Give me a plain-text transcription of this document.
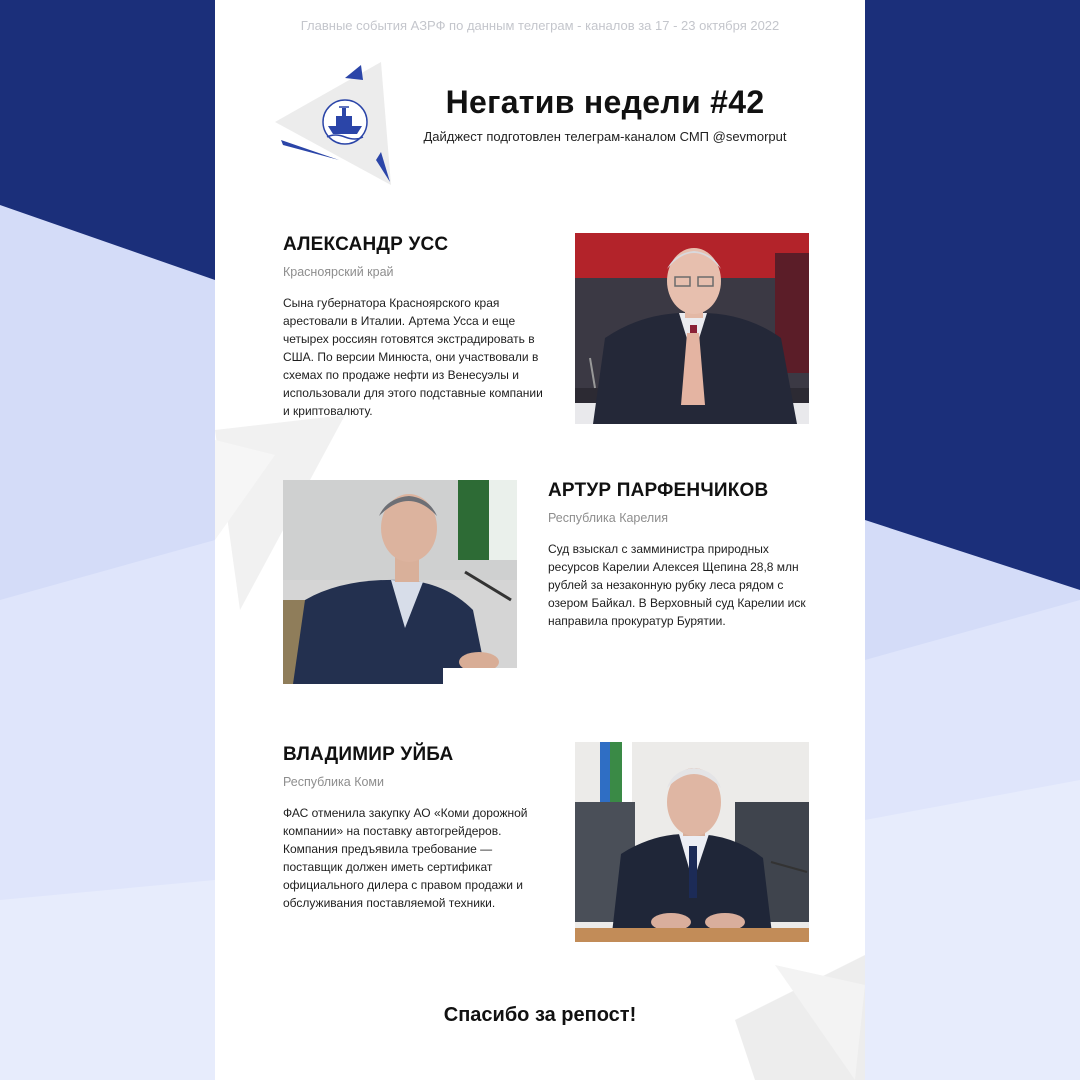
Главные события АЗРФ по данным телеграм - каналов за 17 - 23 октября 2022
Негатив недели #42
Дайджест подготовлен телеграм-каналом СМП @sevmorput
АЛЕКСАНДР УСС
Красноярский край
Сына губернатора Красноярского края арестовали в Италии. Артема Усса и еще четырех россиян готовятся экстрадировать в США. По версии Минюста, они участвовали в схемах по продаже нефти из Венесуэлы и использовали для этого подставные компании и криптовалюту.
АРТУР ПАРФЕНЧИКОВ
Республика Карелия
Суд взыскал с замминистра природных ресурсов Карелии Алексея Щепина 28,8 млн рублей за незаконную рубку леса рядом с озером Байкал. В Верховный суд Карелии иск направила прокуратур Бурятии.
ВЛАДИМИР УЙБА
Республика Коми
ФАС отменила закупку АО «Коми дорожной компании» на поставку автогрейдеров. Компания предъявила требование — поставщик должен иметь сертификат официального дилера с правом продажи и обслуживания поставляемой техники.
Спасибо за репост!
